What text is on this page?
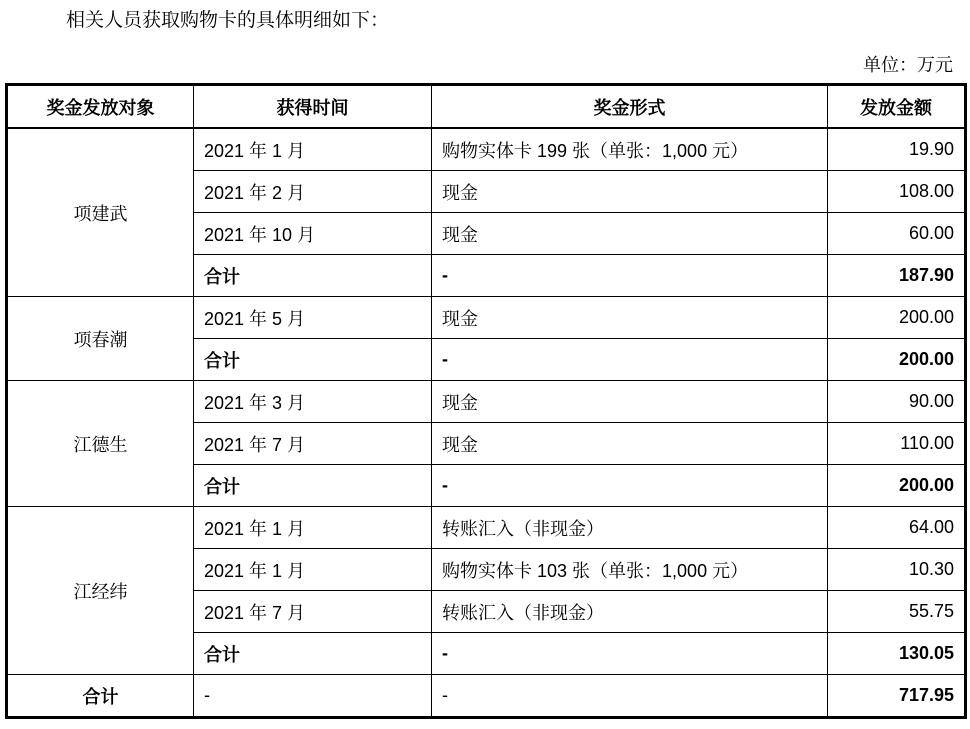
相关人员获取购物卡的具体明细如下：
单位：万元
奖金发放对象	获得时间	奖金形式	发放金额
项建武	2021 年 1 月	购物实体卡 199 张（单张：1,000 元）	19.90
	2021 年 2 月	现金	108.00
	2021 年 10 月	现金	60.00
	合计	-	187.90
项春潮	2021 年 5 月	现金	200.00
	合计	-	200.00
江德生	2021 年 3 月	现金	90.00
	2021 年 7 月	现金	110.00
	合计	-	200.00
江经纬	2021 年 1 月	转账汇入（非现金）	64.00
	2021 年 1 月	购物实体卡 103 张（单张：1,000 元）	10.30
	2021 年 7 月	转账汇入（非现金）	55.75
	合计	-	130.05
合计	-	-	717.95
